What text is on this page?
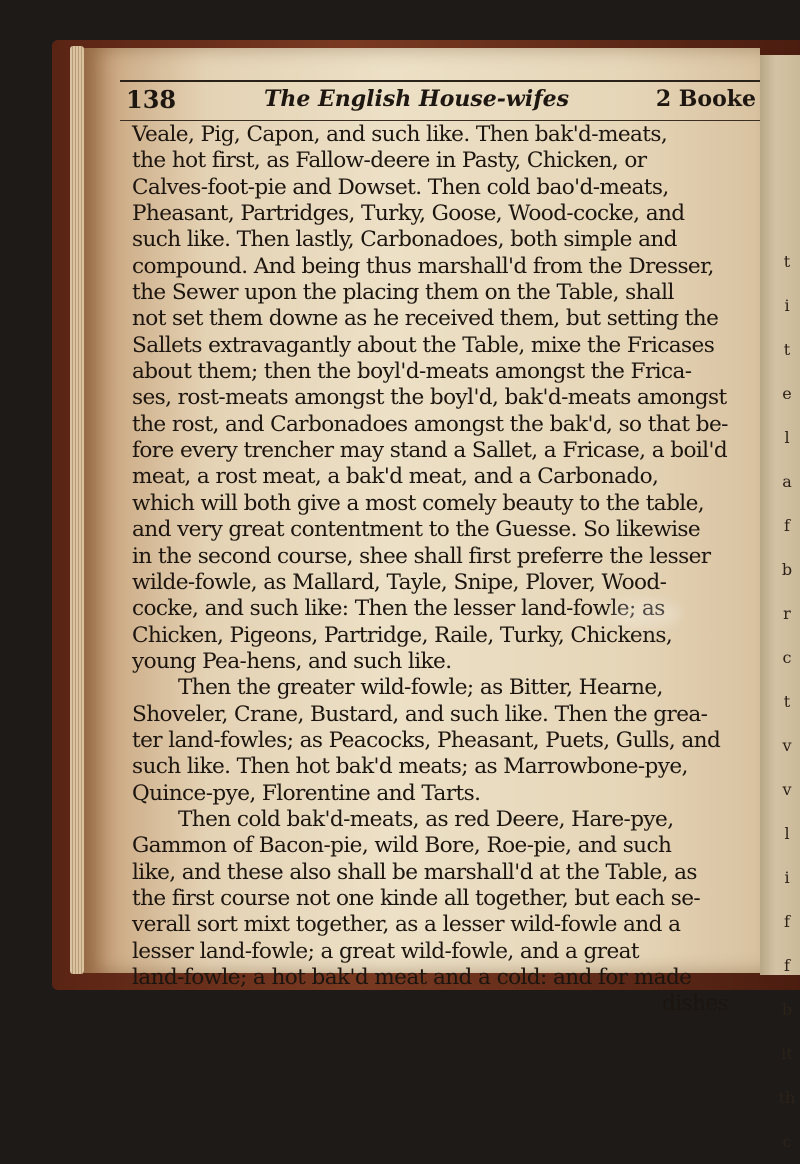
t
i
t
e
l
a
f
b
r
c
t
v
v
l
i
f
f
b
it
th
c
138	The English House-wifes	2 Booke
Veale, Pig, Capon, and such like. Then bak'd-meats,
the hot first, as Fallow-deere in Pasty, Chicken, or
Calves-foot-pie and Dowset. Then cold bao'd-meats,
Pheasant, Partridges, Turky, Goose, Wood-cocke, and
such like. Then lastly, Carbonadoes, both simple and
compound. And being thus marshall'd from the Dresser,
the Sewer upon the placing them on the Table, shall
not set them downe as he received them, but setting the
Sallets extravagantly about the Table, mixe the Fricases
about them; then the boyl'd-meats amongst the Frica-
ses, rost-meats amongst the boyl'd, bak'd-meats amongst
the rost, and Carbonadoes amongst the bak'd, so that be-
fore every trencher may stand a Sallet, a Fricase, a boil'd
meat, a rost meat, a bak'd meat, and a Carbonado,
which will both give a most comely beauty to the table,
and very great contentment to the Guesse. So likewise
in the second course, shee shall first preferre the lesser
wilde-fowle, as Mallard, Tayle, Snipe, Plover, Wood-
cocke, and such like: Then the lesser land-fowle; as
Chicken, Pigeons, Partridge, Raile, Turky, Chickens,
young Pea-hens, and such like.
Then the greater wild-fowle; as Bitter, Hearne,
Shoveler, Crane, Bustard, and such like. Then the grea-
ter land-fowles; as Peacocks, Pheasant, Puets, Gulls, and
such like. Then hot bak'd meats; as Marrowbone-pye,
Quince-pye, Florentine and Tarts.
Then cold bak'd-meats, as red Deere, Hare-pye,
Gammon of Bacon-pie, wild Bore, Roe-pie, and such
like, and these also shall be marshall'd at the Table, as
the first course not one kinde all together, but each se-
verall sort mixt together, as a lesser wild-fowle and a
lesser land-fowle; a great wild-fowle, and a great
land-fowle; a hot bak'd meat and a cold: and for made
dishes
